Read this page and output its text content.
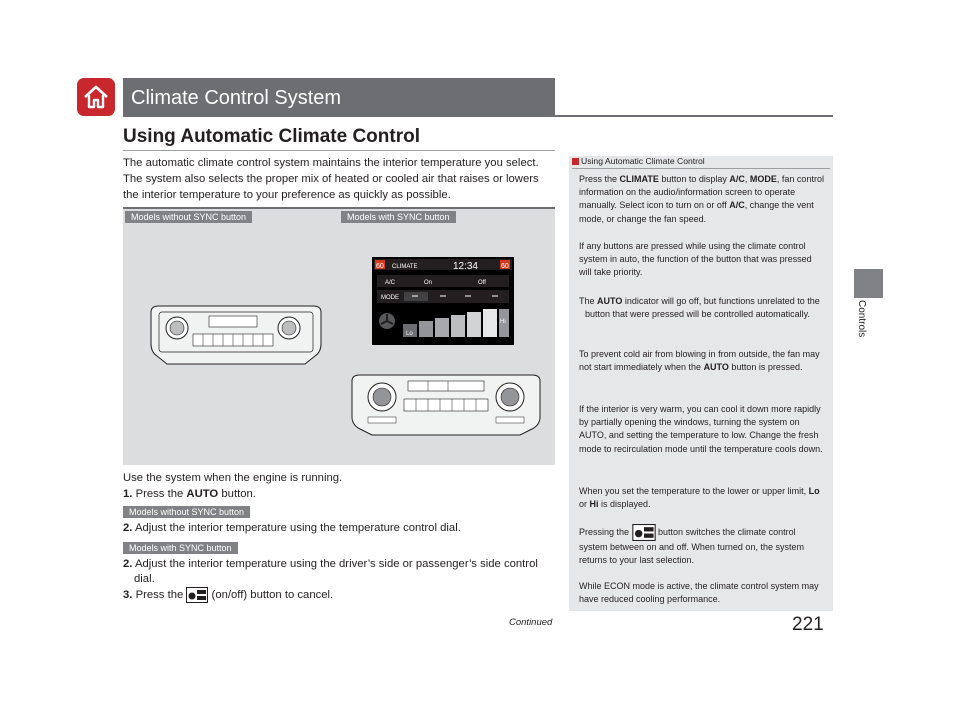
Climate Control System
Using Automatic Climate Control

The automatic climate control system maintains the interior temperature you select. The system also selects the proper mix of heated or cooled air that raises or lowers the interior temperature to your preference as quickly as possible.

Models without SYNC button	Models with SYNC button
60	60
CLIMATE	12:34
A/C	On	Off
MODE
Lo
Hi
Use the system when the engine is running.
1. Press the AUTO button.
Models without SYNC button
2. Adjust the interior temperature using the temperature control dial.
Models with SYNC button
2. Adjust the interior temperature using the driver’s side or passenger’s side control dial.
3. Press the  (on/off) button to cancel.
Using Automatic Climate Control
Press the CLIMATE button to display A/C, MODE, fan control information on the audio/information screen to operate manually. Select icon to turn on or off A/C, change the vent mode, or change the fan speed.
If any buttons are pressed while using the climate control system in auto, the function of the button that was pressed will take priority.
The AUTO indicator will go off, but functions unrelated to the button that were pressed will be controlled automatically.
To prevent cold air from blowing in from outside, the fan may not start immediately when the AUTO button is pressed.
If the interior is very warm, you can cool it down more rapidly by partially opening the windows, turning the system on AUTO, and setting the temperature to low. Change the fresh mode to recirculation mode until the temperature cools down.
When you set the temperature to the lower or upper limit, Lo or Hi is displayed.
Pressing the	button switches the climate control system between on and off. When turned on, the system returns to your last selection.
While ECON mode is active, the climate control system may have reduced cooling performance.
Controls
Continued	221
